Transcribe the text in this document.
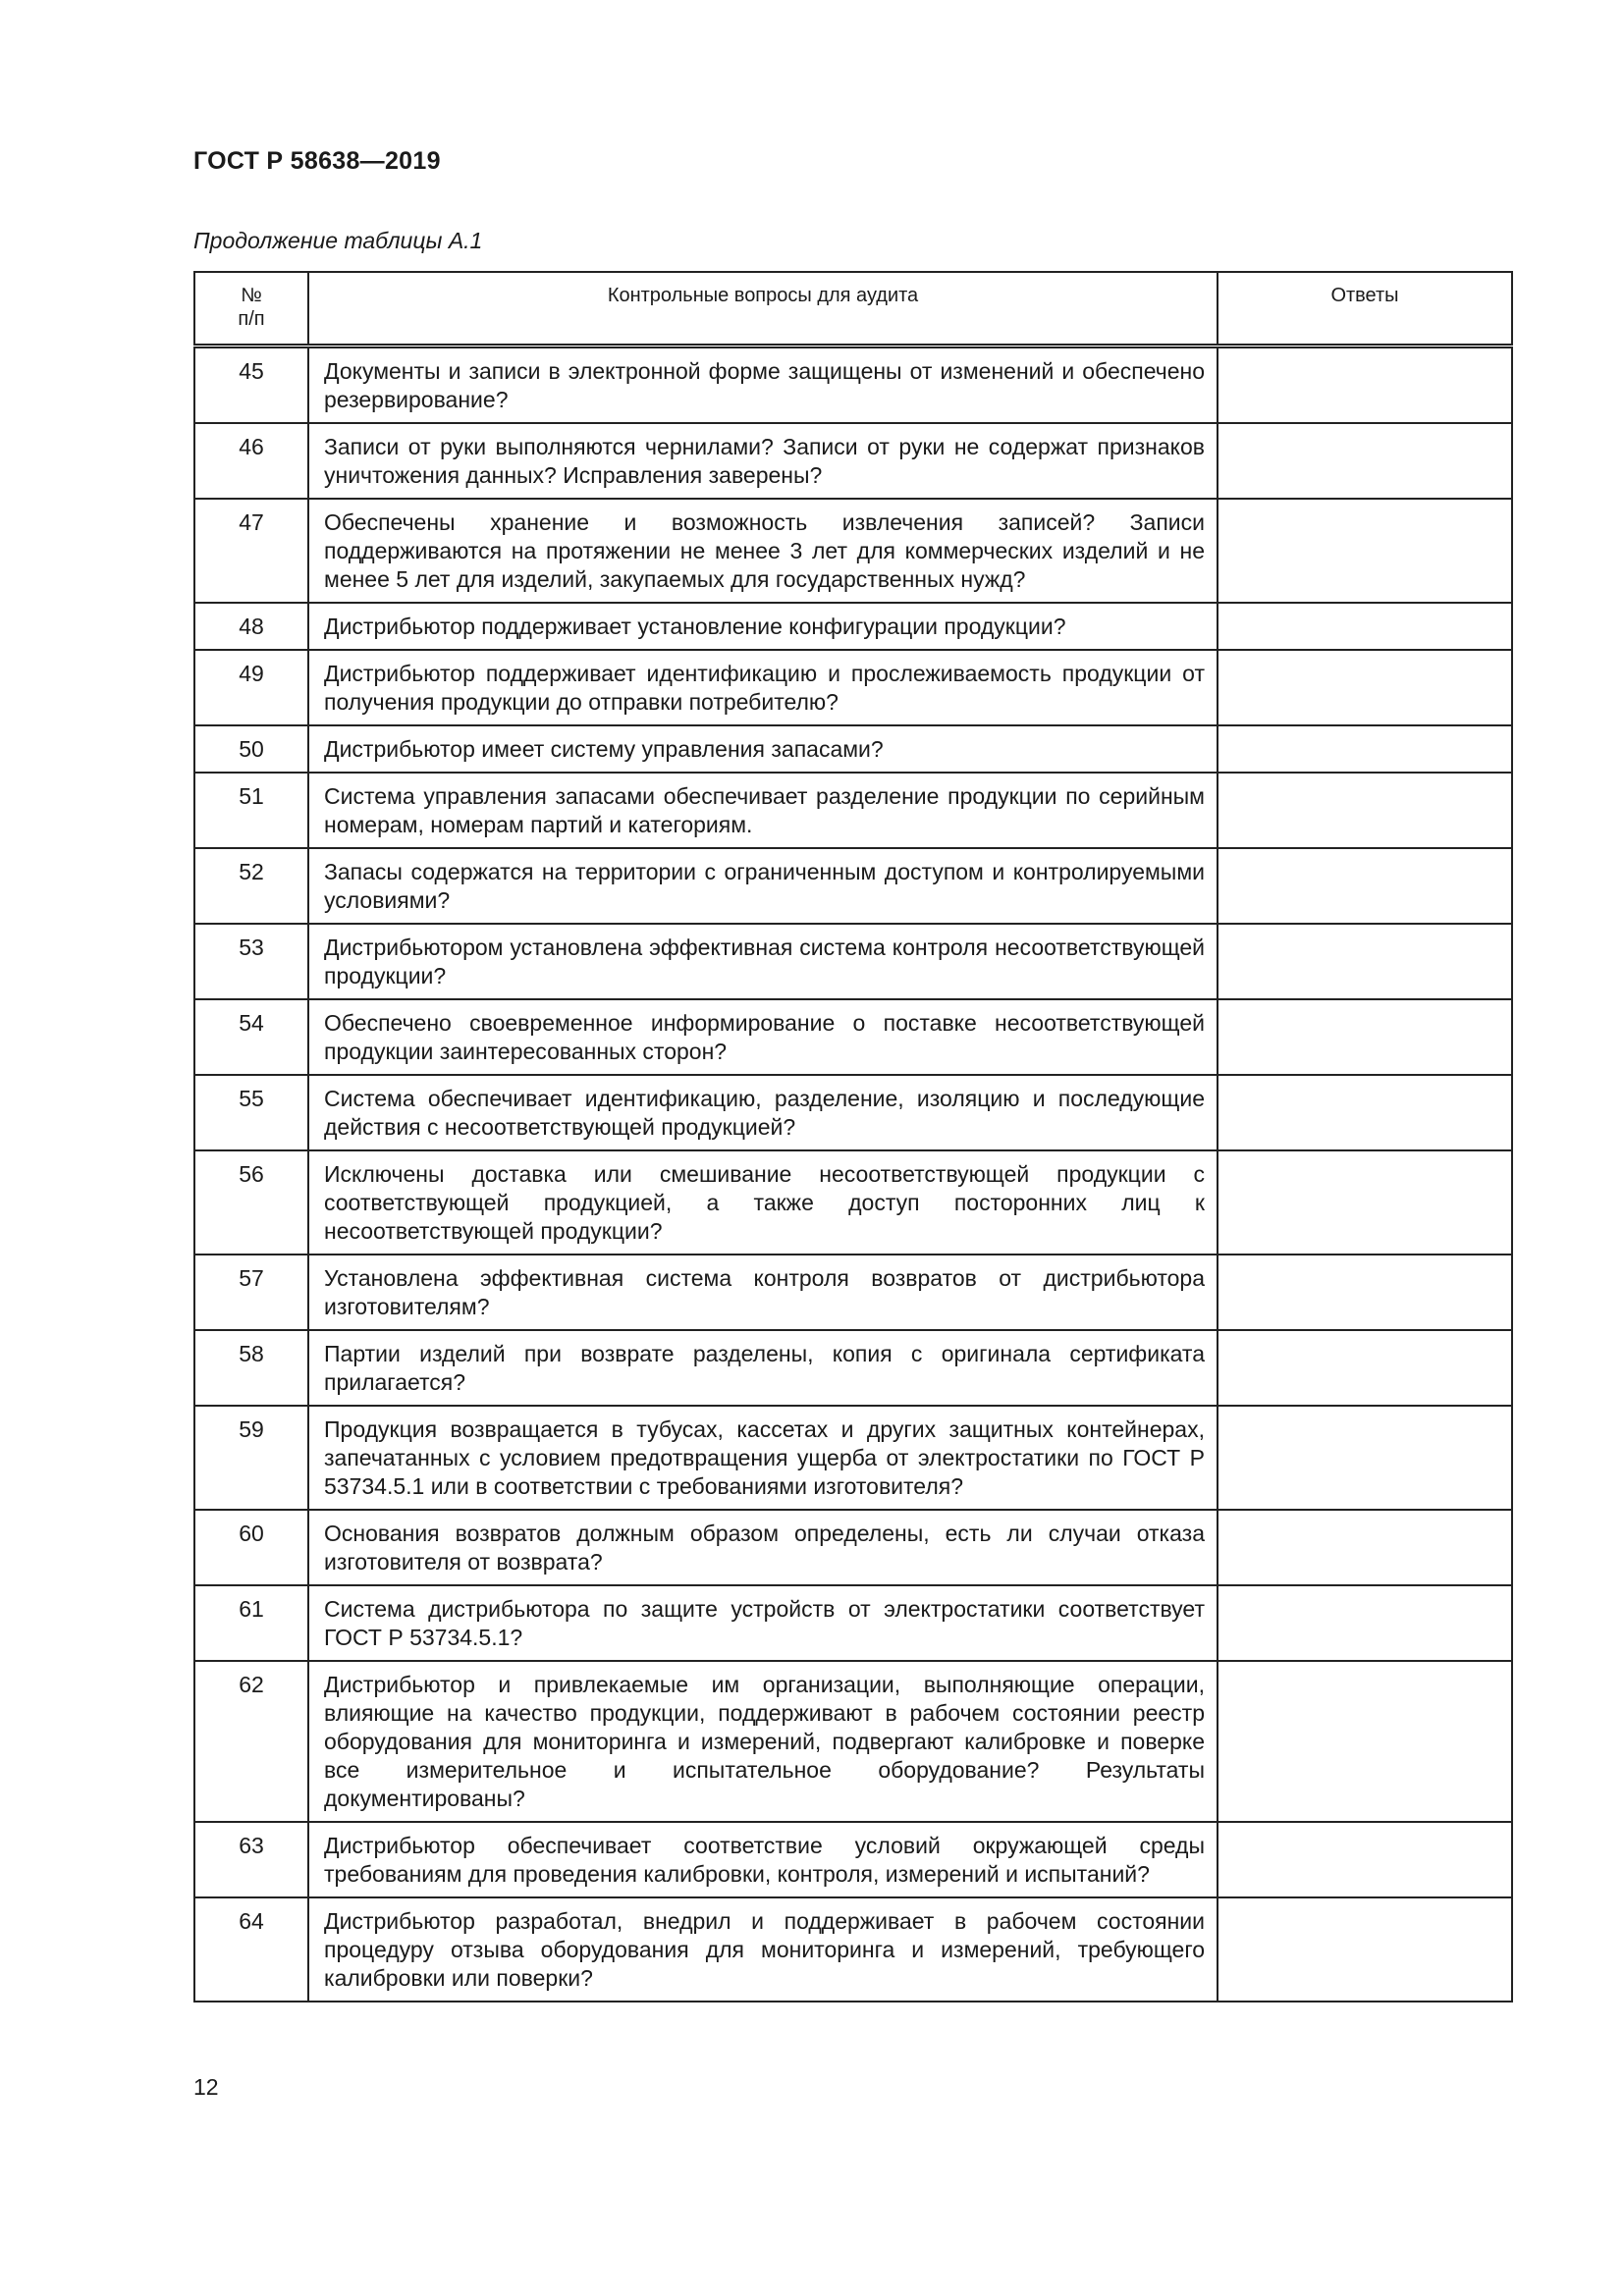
ГОСТ Р 58638—2019
Продолжение таблицы А.1
№
п/п	Контрольные вопросы для аудита	Ответы
45	Документы и записи в электронной форме защищены от изменений и обеспечено резервирование?	
46	Записи от руки выполняются чернилами? Записи от руки не содержат признаков уничтожения данных? Исправления заверены?	
47	Обеспечены хранение и возможность извлечения записей? Записи поддерживаются на протяжении не менее 3 лет для коммерческих изделий и не менее 5 лет для изделий, закупаемых для государственных нужд?	
48	Дистрибьютор поддерживает установление конфигурации продукции?	
49	Дистрибьютор поддерживает идентификацию и прослеживаемость продукции от получения продукции до отправки потребителю?	
50	Дистрибьютор имеет систему управления запасами?	
51	Система управления запасами обеспечивает разделение продукции по серийным номерам, номерам партий и категориям.	
52	Запасы содержатся на территории с ограниченным доступом и контролируемыми условиями?	
53	Дистрибьютором установлена эффективная система контроля несоответствующей продукции?	
54	Обеспечено своевременное информирование о поставке несоответствующей продукции заинтересованных сторон?	
55	Система обеспечивает идентификацию, разделение, изоляцию и последующие действия с несоответствующей продукцией?	
56	Исключены доставка или смешивание несоответствующей продукции с соответствующей продукцией, а также доступ посторонних лиц к несоответствующей продукции?	
57	Установлена эффективная система контроля возвратов от дистрибьютора изготовителям?	
58	Партии изделий при возврате разделены, копия с оригинала сертификата прилагается?	
59	Продукция возвращается в тубусах, кассетах и других защитных контейнерах, запечатанных с условием предотвращения ущерба от электростатики по ГОСТ Р 53734.5.1 или в соответствии с требованиями изготовителя?	
60	Основания возвратов должным образом определены, есть ли случаи отказа изготовителя от возврата?	
61	Система дистрибьютора по защите устройств от электростатики соответствует ГОСТ Р 53734.5.1?	
62	Дистрибьютор и привлекаемые им организации, выполняющие операции, влияющие на качество продукции, поддерживают в рабочем состоянии реестр оборудования для мониторинга и измерений, подвергают калибровке и поверке все измерительное и испытательное оборудование? Результаты документированы?	
63	Дистрибьютор обеспечивает соответствие условий окружающей среды требованиям для проведения калибровки, контроля, измерений и испытаний?	
64	Дистрибьютор разработал, внедрил и поддерживает в рабочем состоянии процедуру отзыва оборудования для мониторинга и измерений, требующего калибровки или поверки?	
12
